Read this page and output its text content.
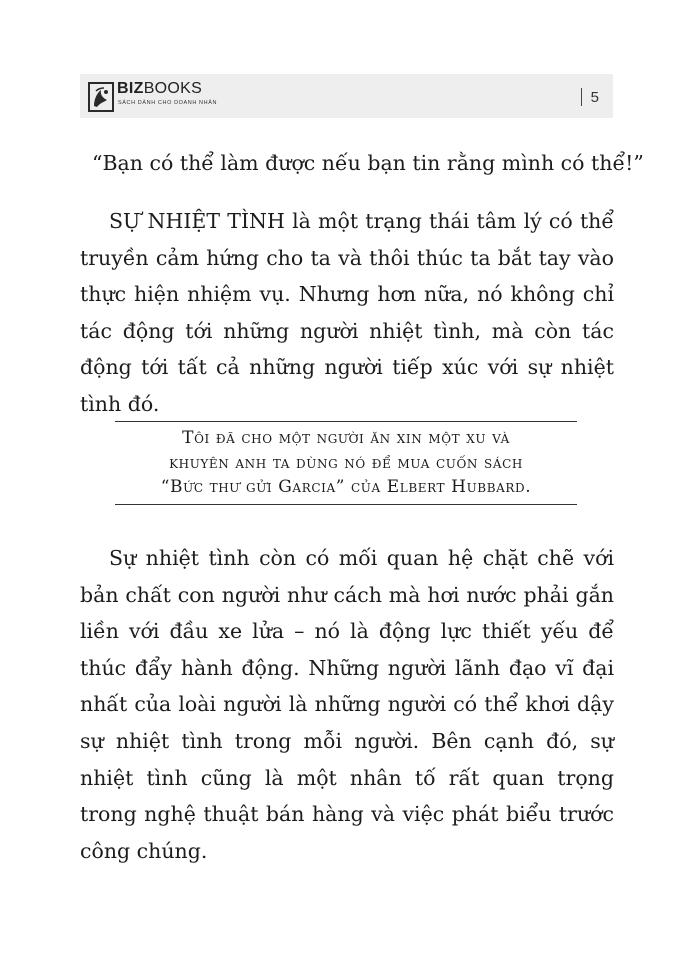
BIZBOOKS
SÁCH DÀNH CHO DOANH NHÂN	5
“Bạn có thể làm được nếu bạn tin rằng mình có thể!”

SỰ NHIỆT TÌNH là một trạng thái tâm lý có thể truyền cảm hứng cho ta và thôi thúc ta bắt tay vào thực hiện nhiệm vụ. Nhưng hơn nữa, nó không chỉ tác động tới những người nhiệt tình, mà còn tác động tới tất cả những người tiếp xúc với sự nhiệt tình đó.

Tôi đã cho một người ăn xin một xu và
khuyên anh ta dùng nó để mua cuốn sách
“Bức thư gửi Garcia” của Elbert Hubbard.

Sự nhiệt tình còn có mối quan hệ chặt chẽ với bản chất con người như cách mà hơi nước phải gắn liền với đầu xe lửa – nó là động lực thiết yếu để thúc đẩy hành động. Những người lãnh đạo vĩ đại nhất của loài người là những người có thể khơi dậy sự nhiệt tình trong mỗi người. Bên cạnh đó, sự nhiệt tình cũng là một nhân tố rất quan trọng trong nghệ thuật bán hàng và việc phát biểu trước công chúng.
